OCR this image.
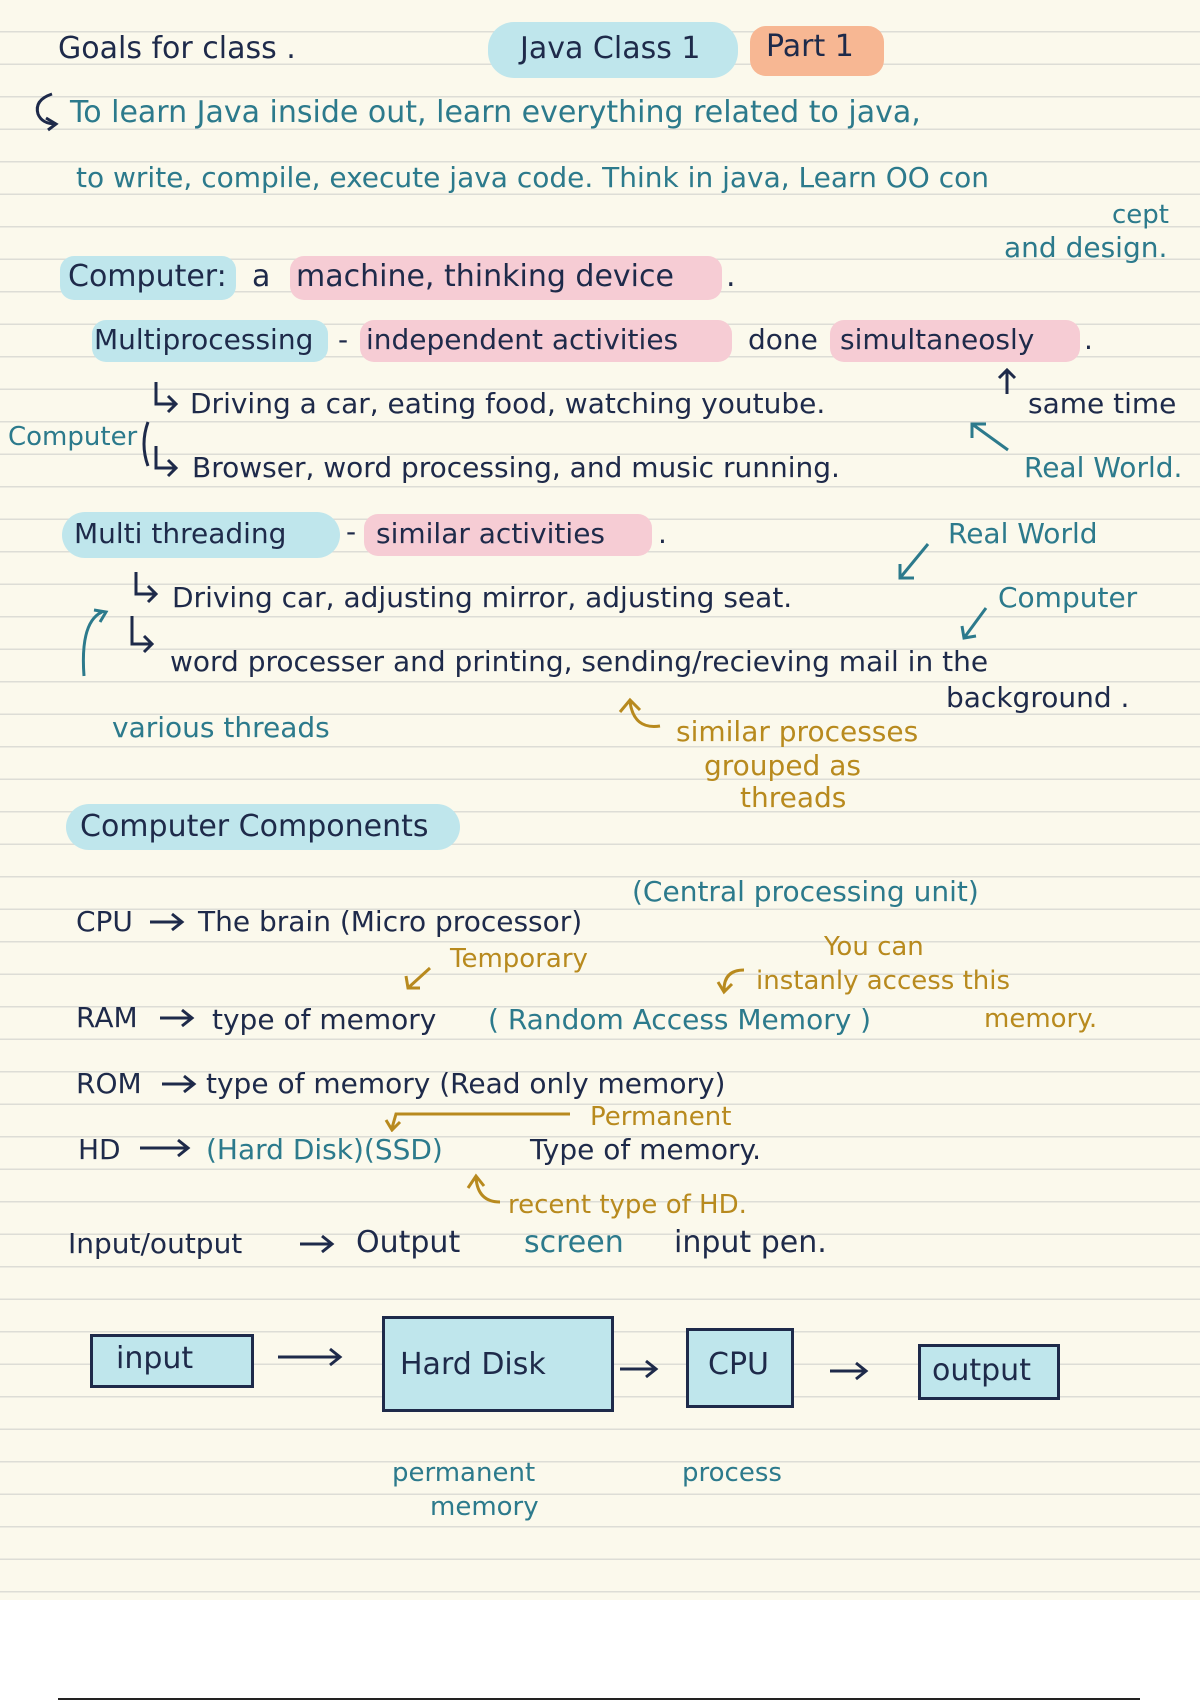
Goals for class .	Java Class 1 Part 1
To learn Java inside out, learn everything related to java,
to write, compile, execute java code. Think in java, Learn OO con
cept
and design.
Computer: a machine, thinking device .
Multiprocessing - independent activities done simultaneosly .
same time
Driving a car, eating food, watching youtube.
Computer
Browser, word processing, and music running.	Real World.
Multi threading - similar activities .	Real World
Driving car, adjusting mirror, adjusting seat.	Computer
word processer and printing, sending/recieving mail in the
background .
various threads	similar processes
grouped as
threads
Computer Components
(Central processing unit)
CPU The brain (Micro processor)
Temporary	You can
instanly access this
RAM	type of memory ( Random Access Memory )	memory.
ROM type of memory (Read only memory)
Permanent
HD	(Hard Disk)(SSD)	Type of memory.
recent type of HD.
Input/output	Output screen input pen.
input	Hard Disk	CPU	output
permanent
memory
process
